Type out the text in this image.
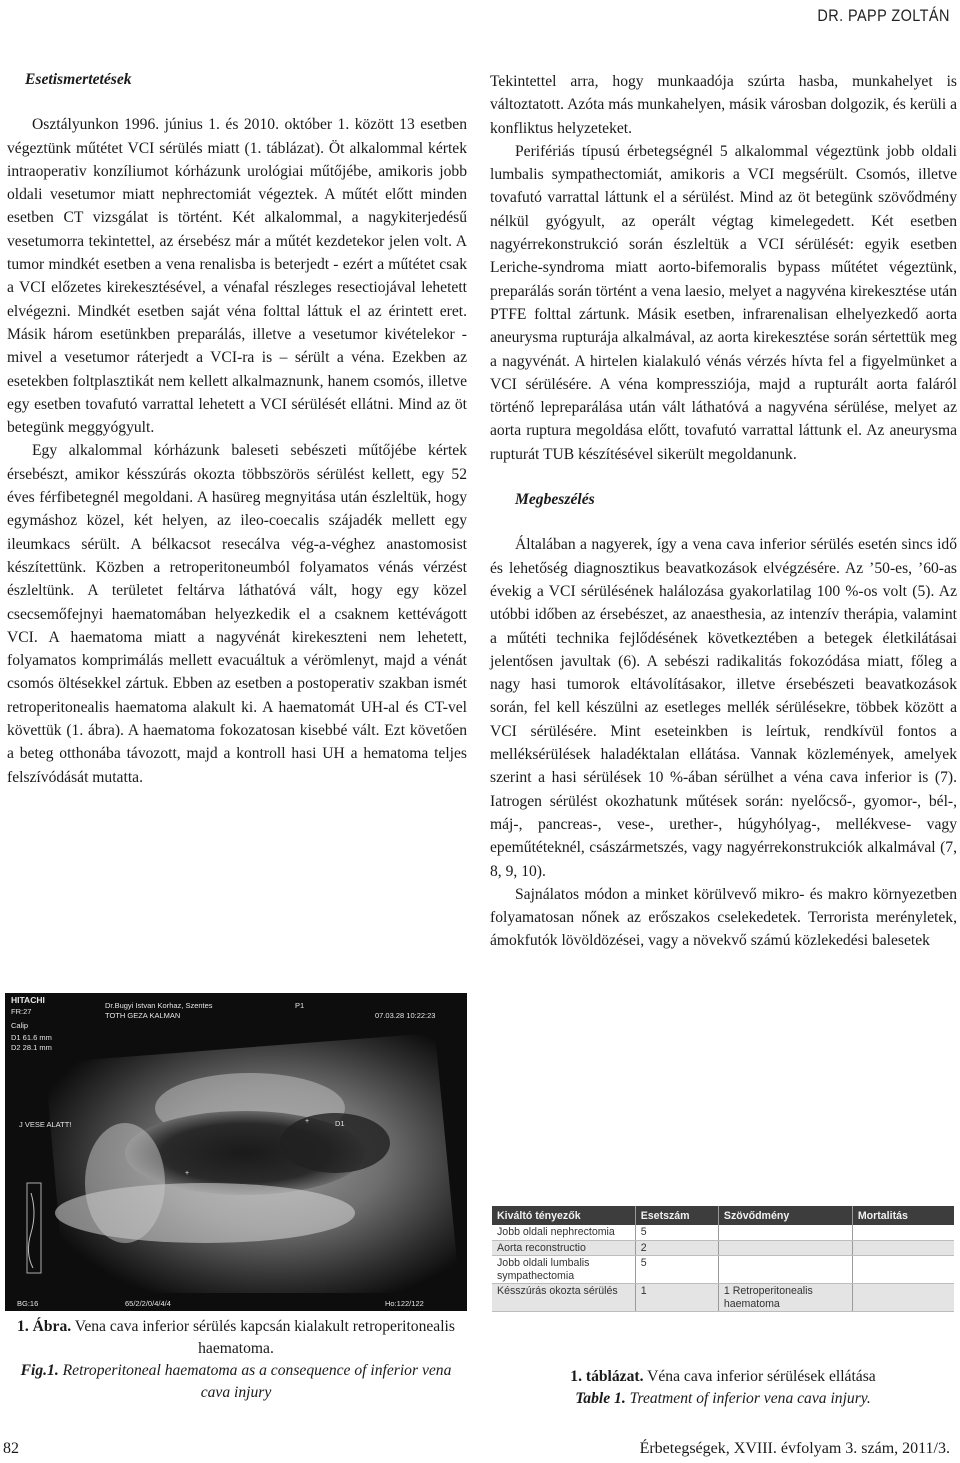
DR. PAPP ZOLTÁN
Esetismertetések

Osztályunkon 1996. június 1. és 2010. október 1. között 13 esetben végeztünk műtétet VCI sérülés miatt (1. táblázat). Öt alkalommal kértek intraoperativ konzíliumot kórházunk urológiai műtőjébe, amikoris jobb oldali vesetumor miatt nephrectomiát végeztek. A műtét előtt minden esetben CT vizsgálat is történt. Két alkalommal, a nagykiterjedésű vesetumorra tekintettel, az érsebész már a műtét kezdetekor jelen volt. A tumor mindkét esetben a vena renalisba is beterjedt - ezért a műtétet csak a VCI előzetes kirekesztésével, a vénafal részleges resectiojával lehetett elvégezni. Mindkét esetben saját véna folttal láttuk el az érintett eret. Másik három esetünkben preparálás, illetve a vesetumor kivételekor - mivel a vesetumor ráterjedt a VCI-ra is – sérült a véna. Ezekben az esetekben foltplasztikát nem kellett alkalmaznunk, hanem csomós, illetve egy esetben tovafutó varrattal lehetett a VCI sérülését ellátni. Mind az öt betegünk meggyógyult.

Egy alkalommal kórházunk baleseti sebészeti műtőjébe kértek érsebészt, amikor késszúrás okozta többszörös sérülést kellett, egy 52 éves férfibetegnél megoldani. A hasüreg megnyitása után észleltük, hogy egymáshoz közel, két helyen, az ileo-coecalis szájadék mellett egy ileumkacs sérült. A bélkacsot resecálva vég-a-véghez anastomosist készítettünk. Közben a retroperitoneumból folyamatos vénás vérzést észleltünk. A területet feltárva láthatóvá vált, hogy egy közel csecsemőfejnyi haematomában helyezkedik el a csaknem kettévágott VCI. A haematoma miatt a nagyvénát kirekeszteni nem lehetett, folyamatos komprimálás mellett evacuáltuk a vérömlenyt, majd a vénát csomós öltésekkel zártuk. Ebben az esetben a postoperativ szakban ismét retroperitonealis haematoma alakult ki. A haematomát UH-al és CT-vel követtük (1. ábra). A haematoma fokozatosan kisebbé vált. Ezt követően a beteg otthonába távozott, majd a kontroll hasi UH a hematoma teljes felszívódását mutatta.

Tekintettel arra, hogy munkaadója szúrta hasba, munkahelyet is változtatott. Azóta más munkahelyen, másik városban dolgozik, és kerüli a konfliktus helyzeteket.

Perifériás típusú érbetegségnél 5 alkalommal végeztünk jobb oldali lumbalis sympathectomiát, amikoris a VCI megsérült. Csomós, illetve tovafutó varrattal láttunk el a sérülést. Mind az öt betegünk szövődmény nélkül gyógyult, az operált végtag kimelegedett. Két esetben nagyérrekonstrukció során észleltük a VCI sérülését: egyik esetben Leriche-syndroma miatt aorto-bifemoralis bypass műtétet végeztünk, preparálás során történt a vena laesio, melyet a nagyvéna kirekesztése után PTFE folttal zártunk. Másik esetben, infrarenalisan elhelyezkedő aorta aneurysma rupturája alkalmával, az aorta kirekesztése során sértettük meg a nagyvénát. A hirtelen kialakuló vénás vérzés hívta fel a figyelmünket a VCI sérülésére. A véna kompressziója, majd a rupturált aorta faláról történő lepreparálása után vált láthatóvá a nagyvéna sérülése, melyet az aorta ruptura megoldása előtt, tovafutó varrattal láttunk el. Az aneurysma rupturát TUB készítésével sikerült megoldanunk.

Megbeszélés

Általában a nagyerek, így a vena cava inferior sérülés esetén sincs idő és lehetőség diagnosztikus beavatkozások elvégzésére. Az ’50-es, ’60-as évekig a VCI sérülésének halálozása gyakorlatilag 100 %-os volt (5). Az utóbbi időben az érsebészet, az anaesthesia, az intenzív therápia, valamint a műtéti technika fejlődésének következtében a betegek életkilátásai jelentősen javultak (6). A sebészi radikalitás fokozódása miatt, főleg a nagy hasi tumorok eltávolításakor, illetve érsebészeti beavatkozások során, fel kell készülni az esetleges mellék sérülésekre, többek között a VCI sérülésére. Mint eseteinkben is leírtuk, rendkívül fontos a melléksérülések haladéktalan ellátása. Vannak közlemények, amelyek szerint a hasi sérülések 10 %-ában sérülhet a véna cava inferior is (7). Iatrogen sérülést okozhatunk műtések során: nyelőcső-, gyomor-, bél-, máj-, pancreas-, vese-, urether-, húgyhólyag-, mellékvese- vagy epeműtéteknél, császármetszés, vagy nagyérrekonstrukciók alkalmával (7, 8, 9, 10).

Sajnálatos módon a minket körülvevő mikro- és makro környezetben folyamatosan nőnek az erőszakos cselekedetek. Terrorista merényletek, ámokfutók lövöldözései, vagy a növekvő számú közlekedési balesetek

+
+
HITACHI
FR:27
Dr.Bugyi Istvan Korhaz, Szentes	P1
TOTH GEZA KALMAN	07.03.28 10:22:23
Calip
D1 61.6 mm
D2 28.1 mm
J VESE ALATT!	D1
BG:16	65/2/2/0/4/4/4	Ho:122/122
1. Ábra. Vena cava inferior sérülés kapcsán kialakult retroperitonealis haematoma.
Fig.1. Retroperitoneal haematoma as a consequence of inferior vena cava injury
Kiváltó tényezők	Esetszám	Szövődmény	Mortalitás
Jobb oldali nephrectomia	5		
Aorta reconstructio	2		
Jobb oldali lumbalis sympathectomia	5		
Késszúrás okozta sérülés	1	1 Retroperitonealis haematoma	
1. táblázat. Véna cava inferior sérülések ellátása
Table 1. Treatment of inferior vena cava injury.
82	Érbetegségek, XVIII. évfolyam 3. szám, 2011/3.
